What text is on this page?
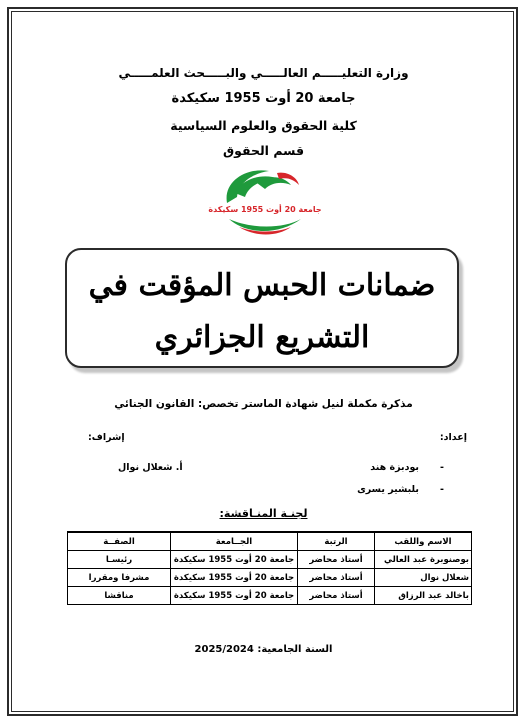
وزارة التعليـــــم العالـــــي والبـــــحث العلمـــــي
جامعة 20 أوت 1955 سكيكدة
كلية الحقوق والعلوم السياسية
قسم الحقوق
جامعة 20 أوت 1955 سكيكدة
ضمانات الحبس المؤقت في
التشريع الجزائري
مذكرة مكملة لنيل شهادة الماستر تخصص: القانون الجنائي
إعداد:
إشراف:
-
بودبزة هند
أ. شعلال نوال
-
بلبشير يسرى
لجنـة المنـاقشة:
الاسم واللقب	الرتبة	الجــامعة	الصفــة
بوصنوبرة عبد العالي	أستاذ محاضر	جامعة 20 أوت 1955 سكيكدة	رئيسـا
شعلال نوال	أستاذ محاضر	جامعة 20 أوت 1955 سكيكدة	مشرفا ومقررا
باخالد عبد الرزاق	أستاذ محاضر	جامعة 20 أوت 1955 سكيكدة	مناقشا
السنة الجامعية: 2025/2024
